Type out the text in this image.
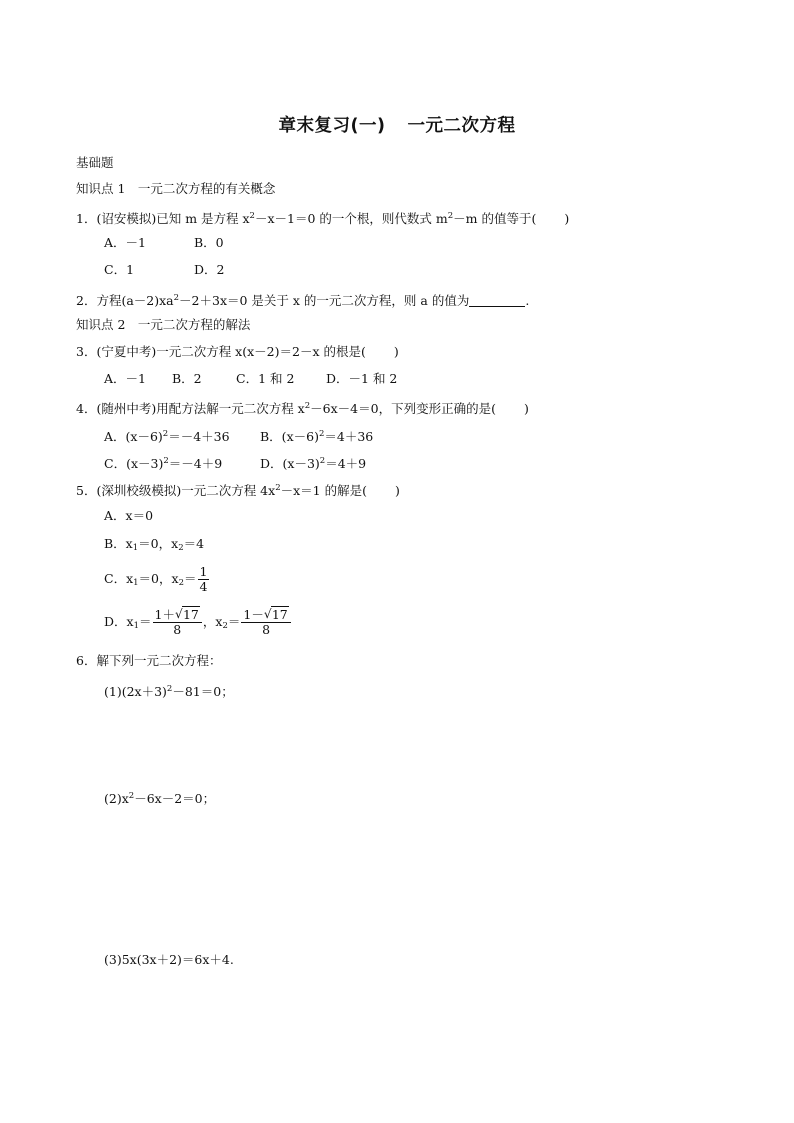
章末复习(一) 一元二次方程
基础题
知识点 1　一元二次方程的有关概念
1．(诏安模拟)已知 m 是方程 $x^2-x-1=0$ 的一个根，则代数式 $m^2-m$ 的值等于( )
A．－1	B．0
C．1	D．2
2．方程$(a-2)xa^2-2+3x=0$ 是关于 x 的一元二次方程，则 a 的值为	.
知识点 2　一元二次方程的解法
3．(宁夏中考)一元二次方程 x(x－2)＝2－x 的根是( )
A．－1 B．2	C．1 和 2	D．－1 和 2
4．(随州中考)用配方法解一元二次方程 $x^2-6x-4=0$，下列变形正确的是( )
A．$(x-6)^2=-4+36$ B．$(x-6)^2=4+36$
C．$(x-3)^2=-4+9$	D．$(x-3)^2=4+9$
5．(深圳校级模拟)一元二次方程 $4x^2-x=1$ 的解是( )
A．x＝0
B．$x_1=0$，$x_2=4$
C．$x_1=0$，$x_2= \frac{1}{4}$
D．$x_1= \frac{1+ √ 17}{8}$ ，$x_2= \frac{1- √ 17}{8}$
6．解下列一元二次方程：
$(1)(2x+3)^2-81=0$；
$(2)x^2-6x-2=0$；
(3)5x(3x＋2)＝6x＋4.
